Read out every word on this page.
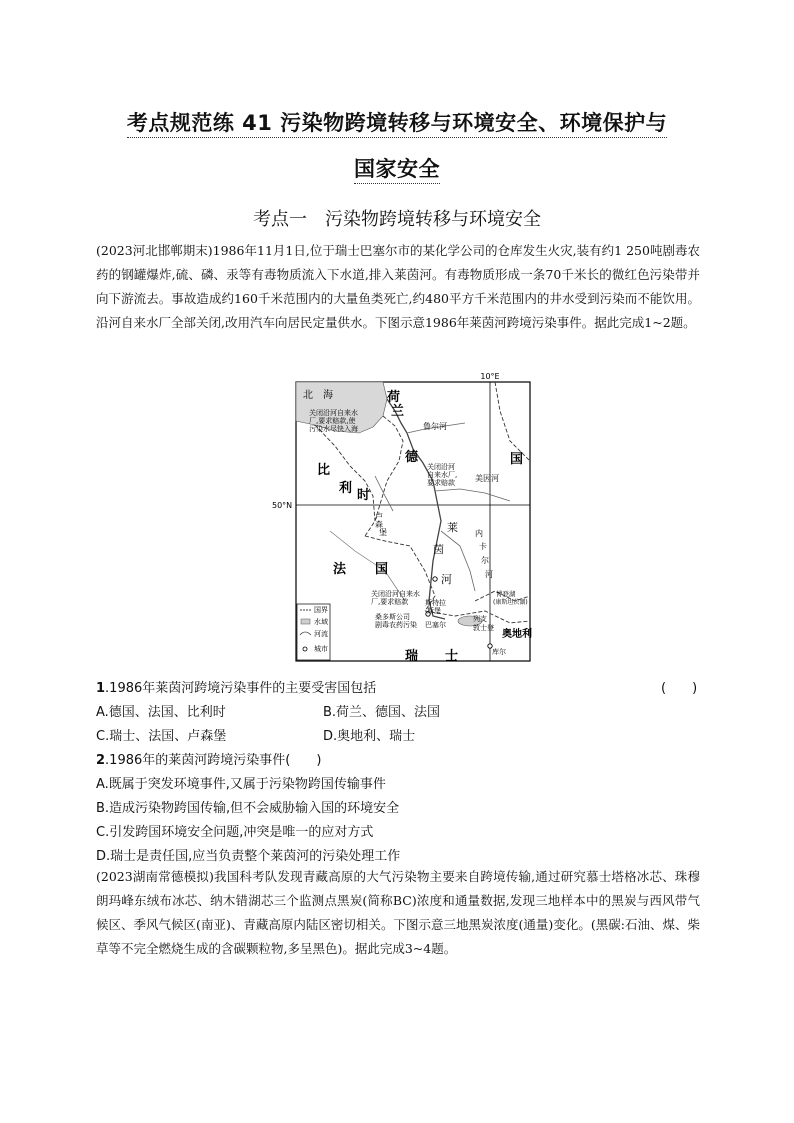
考点规范练 41 污染物跨境转移与环境安全、环境保护与
国家安全
考点一　污染物跨境转移与环境安全
(2023河北邯郸期末)1986年11月1日,位于瑞士巴塞尔市的某化学公司的仓库发生火灾,装有约1 250吨剧毒农药的钢罐爆炸,硫、磷、汞等有毒物质流入下水道,排入莱茵河。有毒物质形成一条70千米长的微红色污染带并向下游流去。事故造成约160千米范围内的大量鱼类死亡,约480平方千米范围内的井水受到污染而不能饮用。沿河自来水厂全部关闭,改用汽车向居民定量供水。下图示意1986年莱茵河跨境污染事件。据此完成1~2题。
10°E
50°N
北　海	荷
兰
比
利 时
德	国
法 国
瑞 士
卢
森
堡
奥地利
列支
敦士登
鲁尔河
美因河
莱
茵
河
内
卡
尔
河
博登湖
(康斯坦茨湖)
关闭沿河自来水
厂,要求赔款,使
污染水尽快入海
关闭沿河
自来水厂,
要求赔款
关闭沿河自来水
厂,要求赔款
桑多斯公司
剧毒农药污染
斯特拉
斯堡
巴塞尔
库尔
国界
水域
河流
城市
1.1986年莱茵河跨境污染事件的主要受害国包括	(　　)
A.德国、法国、比利时	B.荷兰、德国、法国
C.瑞士、法国、卢森堡	D.奥地利、瑞士
2.1986年的莱茵河跨境污染事件(　　)
A.既属于突发环境事件,又属于污染物跨国传输事件
B.造成污染物跨国传输,但不会威胁输入国的环境安全
C.引发跨国环境安全问题,冲突是唯一的应对方式
D.瑞士是责任国,应当负责整个莱茵河的污染处理工作
(2023湖南常德模拟)我国科考队发现青藏高原的大气污染物主要来自跨境传输,通过研究慕士塔格冰芯、珠穆朗玛峰东绒布冰芯、纳木错湖芯三个监测点黑炭(简称BC)浓度和通量数据,发现三地样本中的黑炭与西风带气候区、季风气候区(南亚)、青藏高原内陆区密切相关。下图示意三地黑炭浓度(通量)变化。(黑碳:石油、煤、柴草等不完全燃烧生成的含碳颗粒物,多呈黑色)。据此完成3~4题。
